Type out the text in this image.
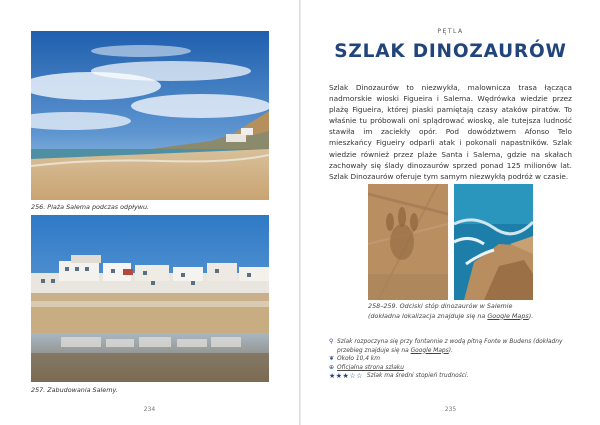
256. Plaża Salema podczas odpływu.
257. Zabudowania Salemy.
234
PĘTLA
SZLAK DINOZAURÓW
Szlak Dinozaurów to niezwykła, malownicza trasa łącząca nadmorskie wioski Figueira i Salema. Wędrówka wiedzie przez plażę Figueira, której piaski pamiętają czasy ataków piratów. To właśnie tu próbowali oni splądrować wioskę, ale tutejsza ludność stawiła im zaciekły opór. Pod dowództwem Afonso Telo mieszkańcy Figueiry odparli atak i pokonali napastników. Szlak wiedzie również przez plaże Santa i Salema, gdzie na skałach zachowały się ślady dinozaurów sprzed ponad 125 milionów lat. Szlak Dinozaurów oferuje tym samym niezwykłą podróż w czasie.
258–259. Odciski stóp dinozaurów w Salemie (dokładna lokalizacja znajduje się na Google Maps).
⚲ Szlak rozpoczyna się przy fontannie z wodą pitną Fonte w Budens (dokładny przebieg znajduje się na Google Maps).
❦ Około 10,4 km
⊕ Oficjalna strona szlaku
★★★☆☆ Szlak ma średni stopień trudności.
235
